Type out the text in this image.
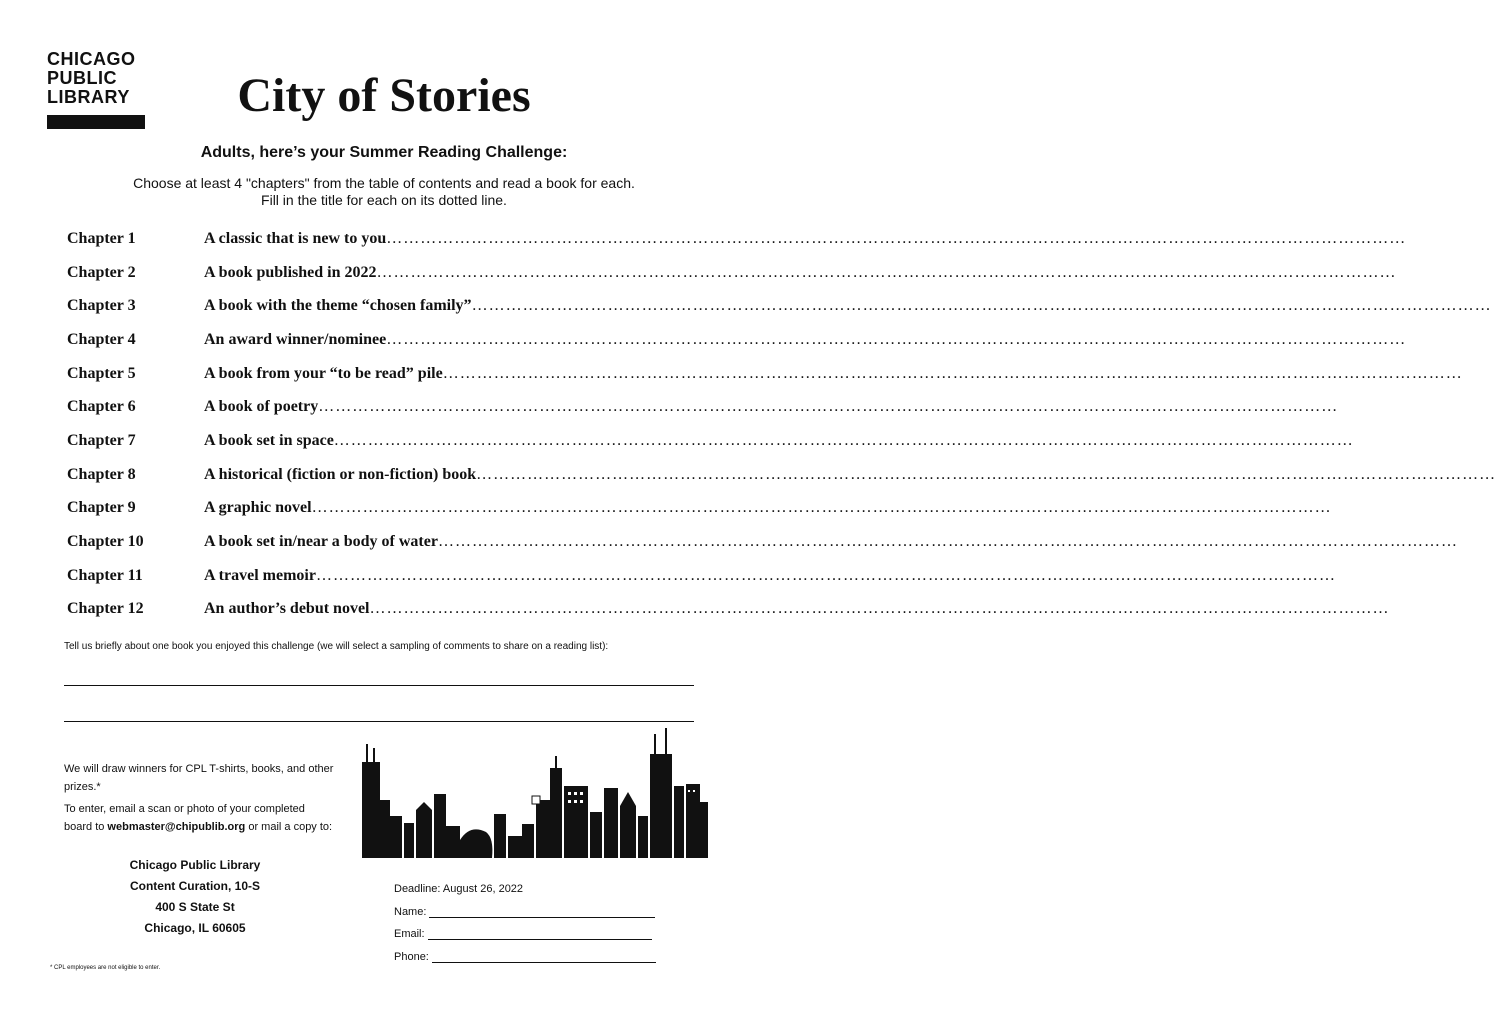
CHICAGO
PUBLIC
LIBRARY	City of Stories
Adults, here’s your Summer Reading Challenge:
Choose at least 4 "chapters" from the table of contents and read a book for each.
Fill in the title for each on its dotted line.
Chapter 1	A classic that is new to you ………………………………………………………………………………………………………………………………………………………………
Chapter 2	A book published in 2022 ………………………………………………………………………………………………………………………………………………………………
Chapter 3	A book with the theme “chosen family” ………………………………………………………………………………………………………………………………………………………………
Chapter 4	An award winner/nominee ………………………………………………………………………………………………………………………………………………………………
Chapter 5	A book from your “to be read” pile ………………………………………………………………………………………………………………………………………………………………
Chapter 6	A book of poetry ………………………………………………………………………………………………………………………………………………………………
Chapter 7	A book set in space ………………………………………………………………………………………………………………………………………………………………
Chapter 8	A historical (fiction or non-fiction) book ………………………………………………………………………………………………………………………………………………………………
Chapter 9	A graphic novel ………………………………………………………………………………………………………………………………………………………………
Chapter 10	A book set in/near a body of water ………………………………………………………………………………………………………………………………………………………………
Chapter 11	A travel memoir ………………………………………………………………………………………………………………………………………………………………
Chapter 12	An author’s debut novel ………………………………………………………………………………………………………………………………………………………………
Tell us briefly about one book you enjoyed this challenge (we will select a sampling of comments to share on a reading list):

We will draw winners for CPL T-shirts, books, and other prizes.*

To enter, email a scan or photo of your completed board to webmaster@chipublib.org or mail a copy to:

Chicago Public Library
Content Curation, 10-S
400 S State St
Chicago, IL 60605
* CPL employees are not eligible to enter.
Deadline: August 26, 2022
Name:
Email:
Phone:
